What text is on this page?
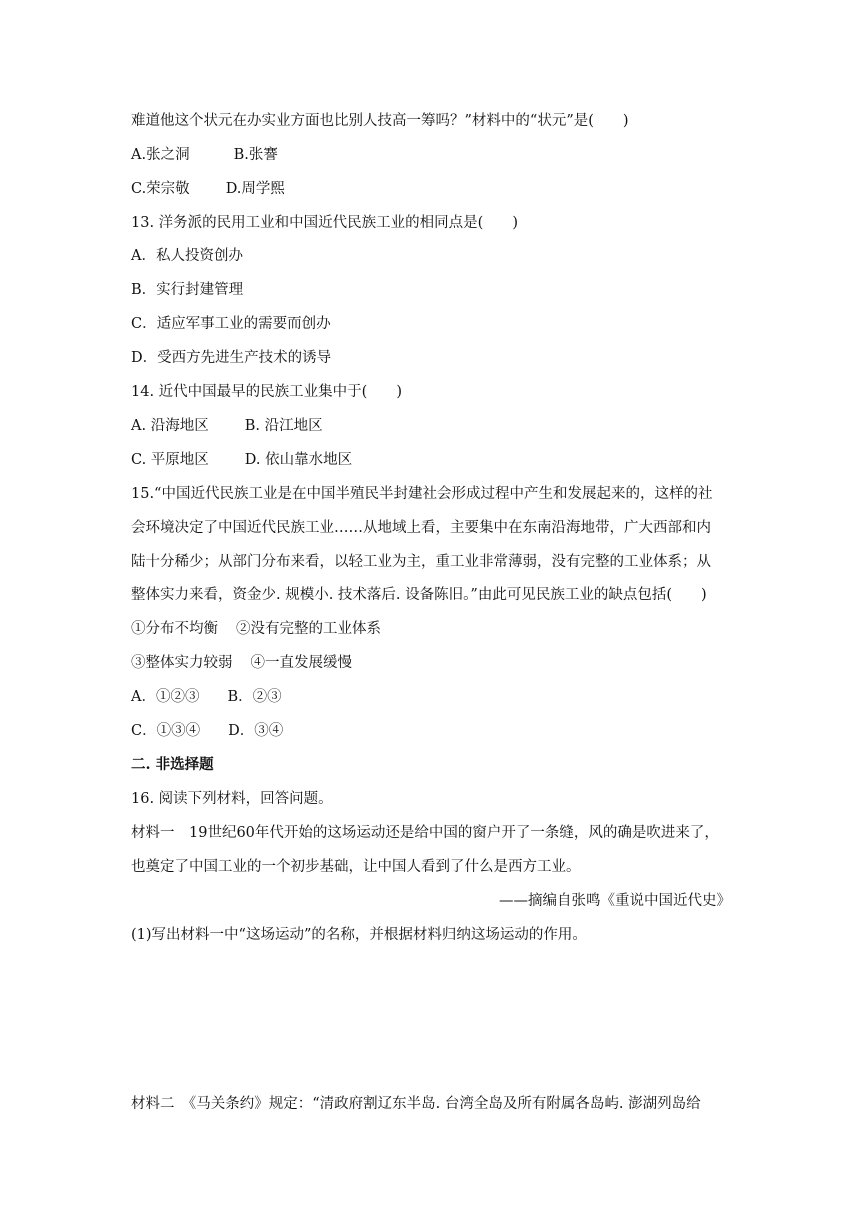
难道他这个状元在办实业方面也比别人技高一筹吗？”材料中的“状元”是(　　)
A.张之洞	B.张謇
C.荣宗敬 D.周学熙
13. 洋务派的民用工业和中国近代民族工业的相同点是(　　)
A．私人投资创办
B．实行封建管理
C．适应军事工业的需要而创办
D．受西方先进生产技术的诱导
14. 近代中国最早的民族工业集中于(　　)
A. 沿海地区 B. 沿江地区
C. 平原地区 D. 依山靠水地区
15.“中国近代民族工业是在中国半殖民半封建社会形成过程中产生和发展起来的，这样的社
会环境决定了中国近代民族工业……从地域上看，主要集中在东南沿海地带，广大西部和内
陆十分稀少；从部门分布来看，以轻工业为主，重工业非常薄弱，没有完整的工业体系；从
整体实力来看，资金少. 规模小. 技术落后. 设备陈旧。”由此可见民族工业的缺点包括(　　)
①分布不均衡 ②没有完整的工业体系
③整体实力较弱 ④一直发展缓慢
A．①②③ B．②③
C．①③④ D．③④
二. 非选择题
16. 阅读下列材料，回答问题。
材料一　19世纪60年代开始的这场运动还是给中国的窗户开了一条缝，风的确是吹进来了，
也奠定了中国工业的一个初步基础，让中国人看到了什么是西方工业。
——摘编自张鸣《重说中国近代史》
(1)写出材料一中“这场运动”的名称，并根据材料归纳这场运动的作用。
材料二　《马关条约》规定：“清政府割辽东半岛. 台湾全岛及所有附属各岛屿. 澎湖列岛给
